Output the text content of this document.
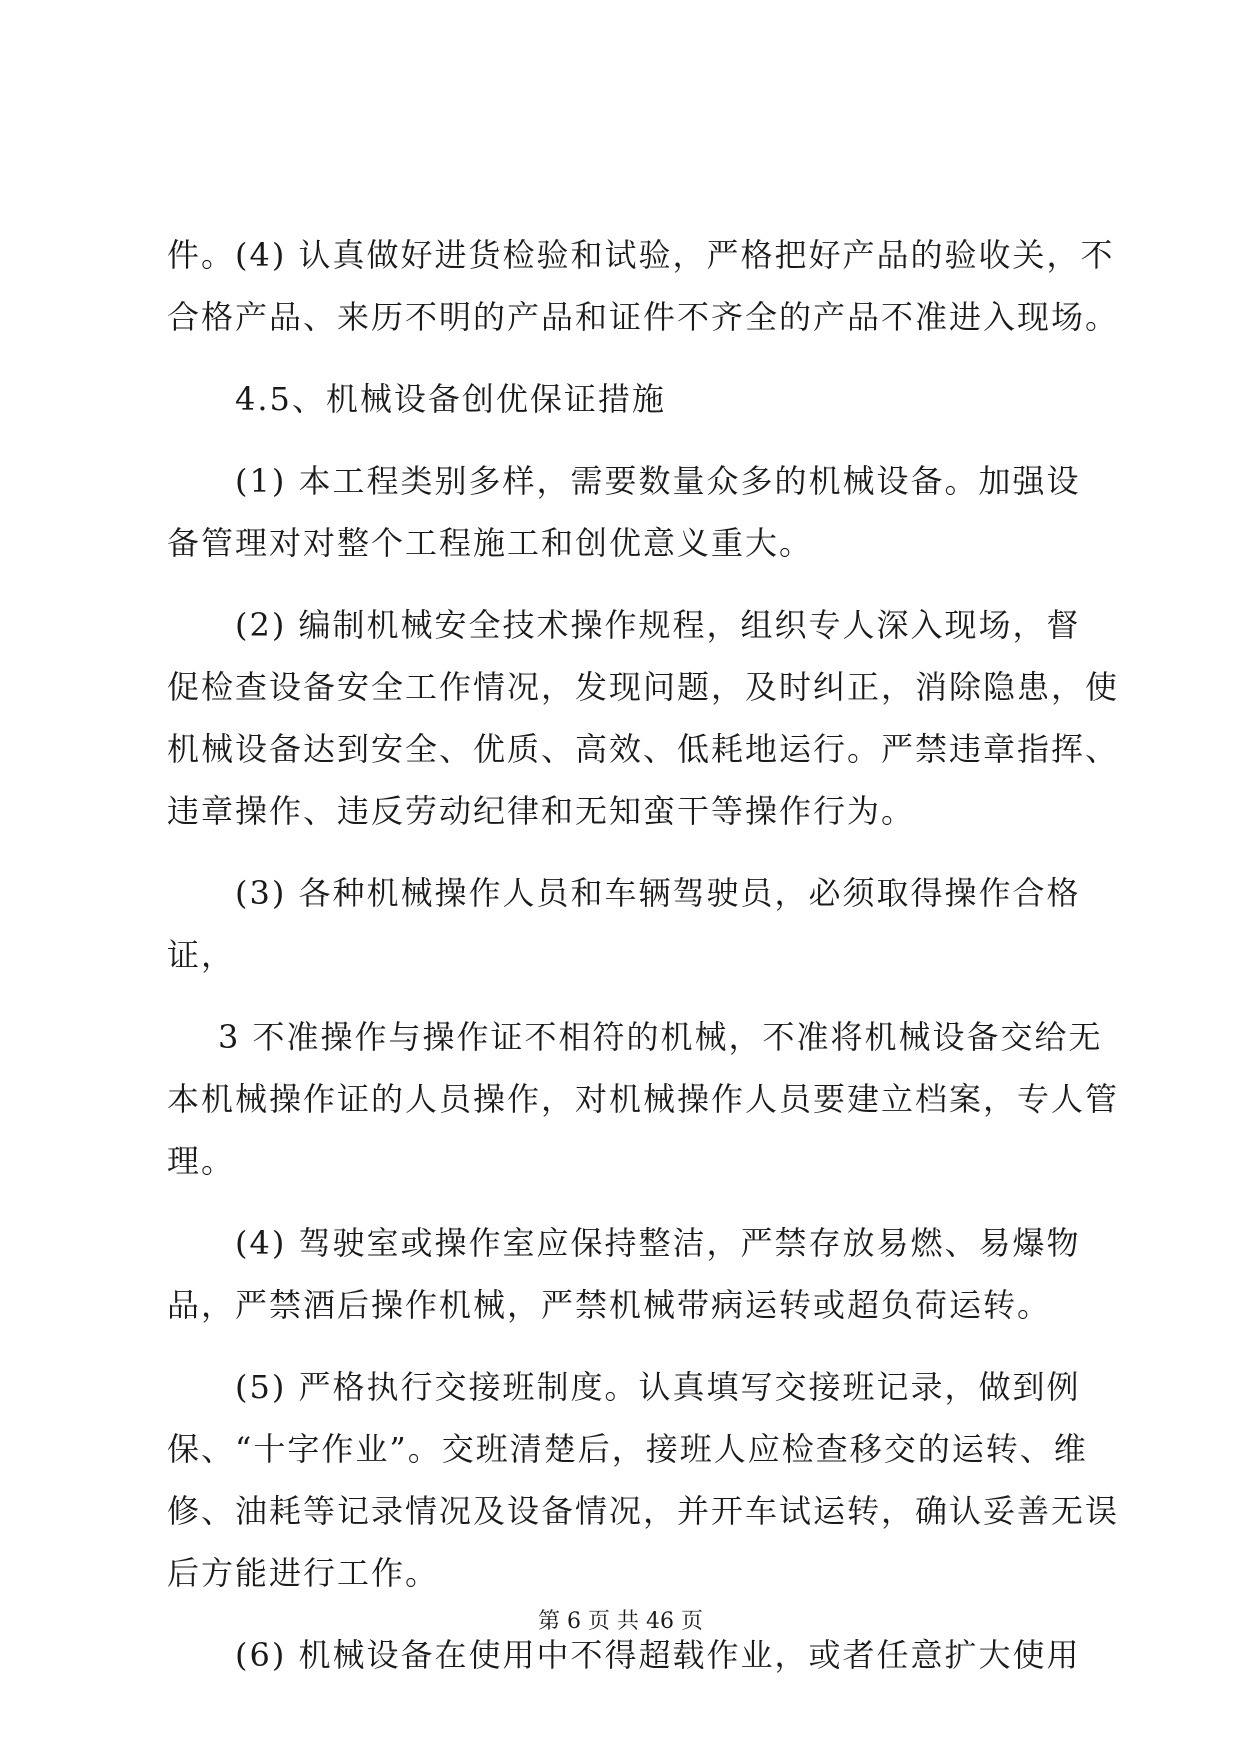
件。(4) 认真做好进货检验和试验，严格把好产品的验收关，不
合格产品、来历不明的产品和证件不齐全的产品不准进入现场。
4.5、机械设备创优保证措施
(1) 本工程类别多样，需要数量众多的机械设备。加强设
备管理对对整个工程施工和创优意义重大。
(2) 编制机械安全技术操作规程，组织专人深入现场，督
促检查设备安全工作情况，发现问题，及时纠正，消除隐患，使
机械设备达到安全、优质、高效、低耗地运行。严禁违章指挥、
违章操作、违反劳动纪律和无知蛮干等操作行为。
(3) 各种机械操作人员和车辆驾驶员，必须取得操作合格
证，
3 不准操作与操作证不相符的机械，不准将机械设备交给无
本机械操作证的人员操作，对机械操作人员要建立档案，专人管
理。
(4) 驾驶室或操作室应保持整洁，严禁存放易燃、易爆物
品，严禁酒后操作机械，严禁机械带病运转或超负荷运转。
(5) 严格执行交接班制度。认真填写交接班记录，做到例
保、“十字作业”。交班清楚后，接班人应检查移交的运转、维
修、油耗等记录情况及设备情况，并开车试运转，确认妥善无误
后方能进行工作。
(6) 机械设备在使用中不得超载作业，或者任意扩大使用
第 6 页 共 46 页
